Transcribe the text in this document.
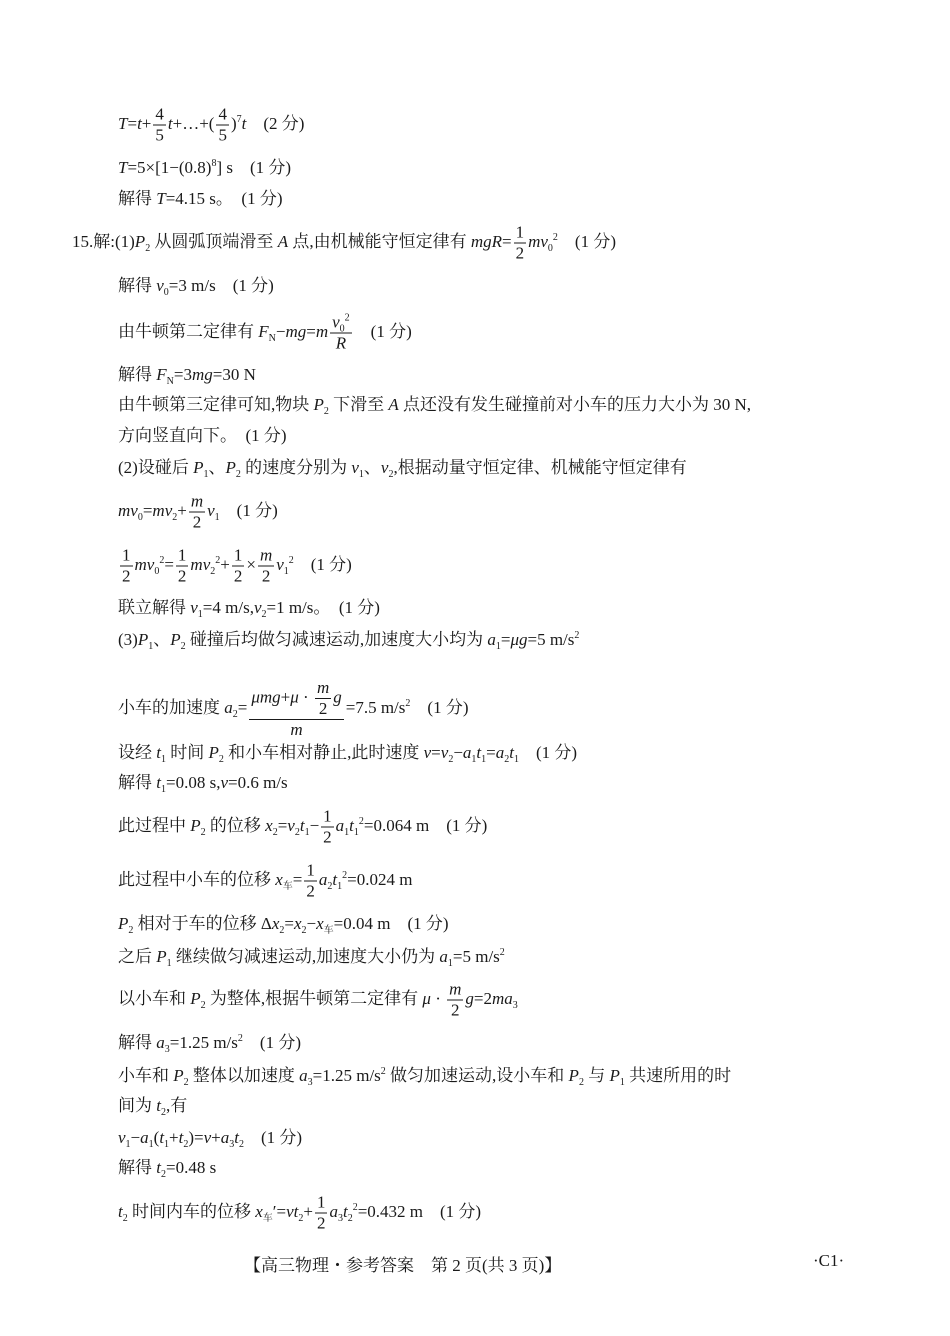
$T=t+ \frac{4}{5}$ t+…+( $\frac{4}{5} )^7t$　(2 分)
$T=5\times[1-(0.8)^8]$ s　(1 分)
解得 T=4.15 s。　(1 分)
15.解$:(1)P_2$ 从圆弧顶端滑至 A 点,由机械能守恒定律有 $mgR= \frac{1}{2} mv_0^2$　(1 分)
解得 $v_0=3$ m/s　(1 分)
由牛顿第二定律有 $F_N-mg=m \frac{v_0^2}{R}$ 　(1 分)
解得 $F_N=3mg=30$ N
由牛顿第三定律可知,物块 $P_2$ 下滑至 A 点还没有发生碰撞前对小车的压力大小为 30 N,
方向竖直向下。　(1 分)
(2)设碰后 $P_1$、$P_2$ 的速度分别为 $v_1$、$v_2$,根据动量守恒定律、机械能守恒定律有
$mv_0=mv_2+ \frac{m}{2} v_1$　(1 分)
$\frac{1}{2} mv_0^2= \frac{1}{2} mv_2^2+ \frac{1}{2} \times \frac{m}{2} v_1^2$　(1 分)
联立解得 $v_1=4$ $m/s,v_2=1$ m/s。　(1 分)
$(3)P_1$、$P_2$ 碰撞后均做匀减速运动,加速度大小均为 $a_1=\mu g=5$ $m/s^2$
小车的加速度 $a_2= \frac{\mu mg+\mu \cdot \frac{m}{2} g}{m} =7.5$ $m/s^2$　(1 分)
设经 $t_1$ 时间 $P_2$ 和小车相对静止,此时速度 $v=v_2-a_1t_1=a_2t_1$　(1 分)
解得 $t_1=0.08$ s,v=0.6 m/s
此过程中 $P_2$ 的位移 $x_2=v_2t_1- \frac{1}{2} a_1t_1^2=0.064$ m　(1 分)
此过程中小车的位移 $x_车= \frac{1}{2} a_2t_1^2=0.024$ m
$P_2$ 相对于车的位移 $\Delta x_2=x_2-x_车=0.04$ m　(1 分)
之后 $P_1$ 继续做匀减速运动,加速度大小仍为 $a_1=5$ $m/s^2$
以小车和 $P_2$ 为整体,根据牛顿第二定律有 $\mu \cdot \frac{m}{2} g=2ma_3$
解得 $a_3=1.25$ $m/s^2$　(1 分)
小车和 $P_2$ 整体以加速度 $a_3=1.25$ $m/s^2$ 做匀加速运动,设小车和 $P_2$ 与 $P_1$ 共速所用的时
间为 $t_2$,有
$v_1-a_1(t_1+t_2)=v+a_3t_2$　(1 分)
解得 $t_2=0.48$ s
$t_2$ 时间内车的位移 $x_车'=vt_2+ \frac{1}{2} a_3t_2^2=0.432$ m　(1 分)
【高三物理・参考答案　第 2 页(共 3 页)】	·C1·
